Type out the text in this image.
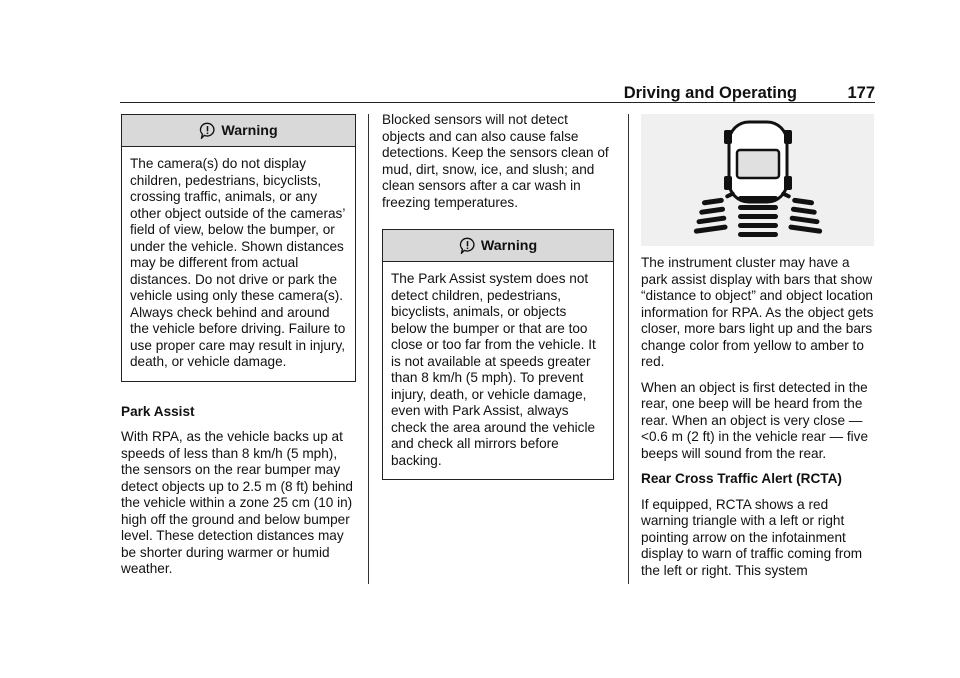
Driving and Operating	177
Warning

The camera(s) do not display children, pedestrians, bicyclists, crossing traffic, animals, or any other object outside of the cameras’ field of view, below the bumper, or under the vehicle. Shown distances may be different from actual distances. Do not drive or park the vehicle using only these camera(s). Always check behind and around the vehicle before driving. Failure to use proper care may result in injury, death, or vehicle damage.

Park Assist

With RPA, as the vehicle backs up at speeds of less than 8 km/h (5 mph), the sensors on the rear bumper may detect objects up to 2.5 m (8 ft) behind the vehicle within a zone 25 cm (10 in) high off the ground and below bumper level. These detection distances may be shorter during warmer or humid weather.

Blocked sensors will not detect objects and can also cause false detections. Keep the sensors clean of mud, dirt, snow, ice, and slush; and clean sensors after a car wash in freezing temperatures.

Warning

The Park Assist system does not detect children, pedestrians, bicyclists, animals, or objects below the bumper or that are too close or too far from the vehicle. It is not available at speeds greater than 8 km/h (5 mph). To prevent injury, death, or vehicle damage, even with Park Assist, always check the area around the vehicle and check all mirrors before backing.

The instrument cluster may have a park assist display with bars that show “distance to object” and object location information for RPA. As the object gets closer, more bars light up and the bars change color from yellow to amber to red.

When an object is first detected in the rear, one beep will be heard from the rear. When an object is very close — <0.6 m (2 ft) in the vehicle rear — five beeps will sound from the rear.

Rear Cross Traffic Alert (RCTA)

If equipped, RCTA shows a red warning triangle with a left or right pointing arrow on the infotainment display to warn of traffic coming from the left or right. This system
